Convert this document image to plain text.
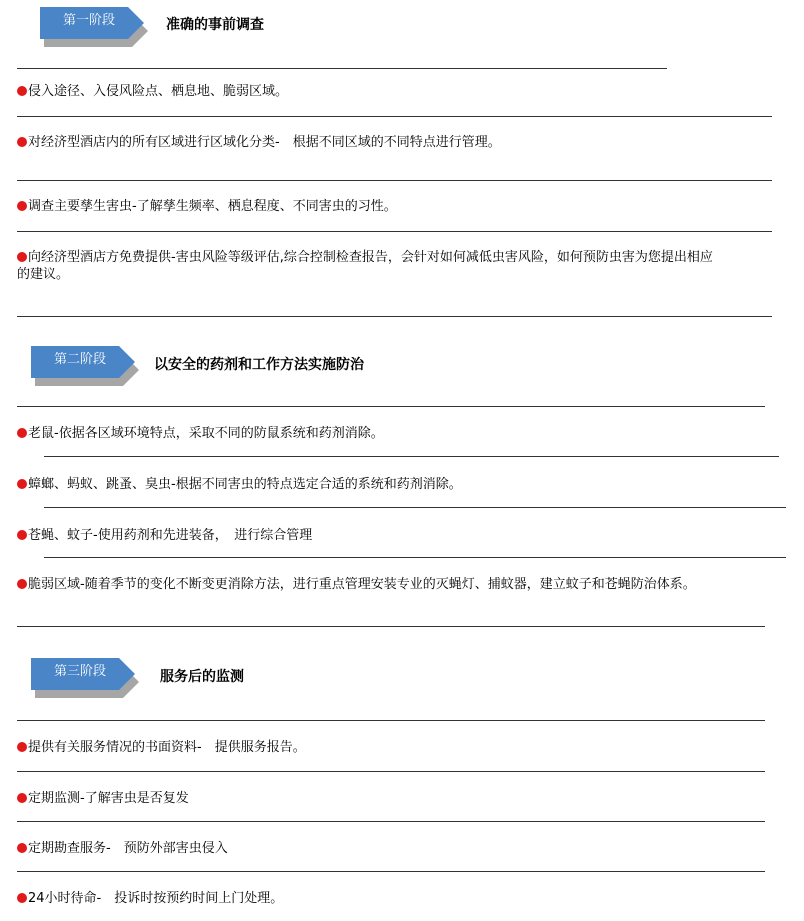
第一阶段	准确的事前调查
侵入途径、入侵风险点、栖息地、脆弱区域。
对经济型酒店内的所有区域进行区域化分类-　根据不同区域的不同特点进行管理。
调查主要孳生害虫-了解孳生频率、栖息程度、不同害虫的习性。
向经济型酒店方免费提供-害虫风险等级评估,综合控制检查报告，会针对如何减低虫害风险，如何预防虫害为您提出相应
的建议。
第二阶段	以安全的药剂和工作方法实施防治
老鼠-依据各区域环境特点，采取不同的防鼠系统和药剂消除。
蟑螂、蚂蚁、跳蚤、臭虫-根据不同害虫的特点选定合适的系统和药剂消除。
苍蝇、蚊子-使用药剂和先进装备，　进行综合管理
脆弱区域-随着季节的变化不断变更消除方法，进行重点管理安装专业的灭蝇灯、捕蚊器，建立蚊子和苍蝇防治体系。
第三阶段	服务后的监测
提供有关服务情况的书面资料-　提供服务报告。
定期监测-了解害虫是否复发
定期勘查服务-　预防外部害虫侵入
24小时待命-　投诉时按预约时间上门处理。
